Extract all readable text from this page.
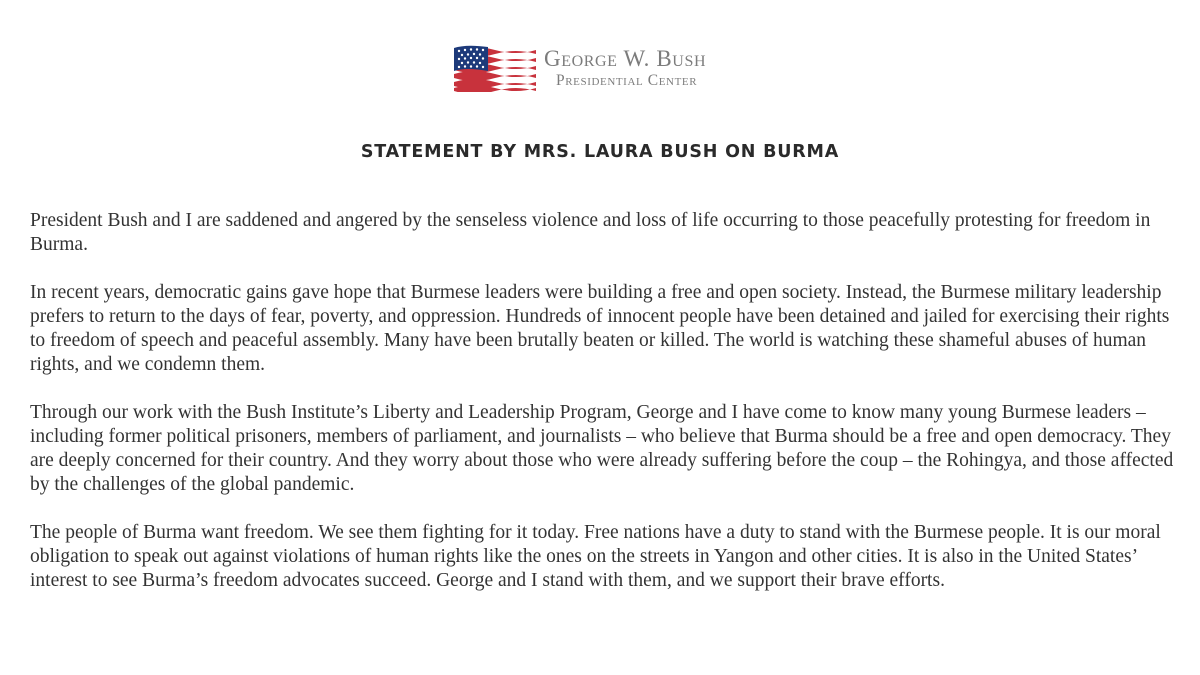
George W. Bush
Presidential Center
STATEMENT BY MRS. LAURA BUSH ON BURMA

President Bush and I are saddened and angered by the senseless violence and loss of life occurring to those peacefully protesting for freedom in Burma.

In recent years, democratic gains gave hope that Burmese leaders were building a free and open society. Instead, the Burmese military leadership prefers to return to the days of fear, poverty, and oppression. Hundreds of innocent people have been detained and jailed for exercising their rights to freedom of speech and peaceful assembly. Many have been brutally beaten or killed. The world is watching these shameful abuses of human rights, and we condemn them.

Through our work with the Bush Institute’s Liberty and Leadership Program, George and I have come to know many young Burmese leaders – including former political prisoners, members of parliament, and journalists – who believe that Burma should be a free and open democracy. They are deeply concerned for their country. And they worry about those who were already suffering before the coup – the Rohingya, and those affected by the challenges of the global pandemic.

The people of Burma want freedom. We see them fighting for it today. Free nations have a duty to stand with the Burmese people. It is our moral obligation to speak out against violations of human rights like the ones on the streets in Yangon and other cities. It is also in the United States’ interest to see Burma’s freedom advocates succeed. George and I stand with them, and we support their brave efforts.
